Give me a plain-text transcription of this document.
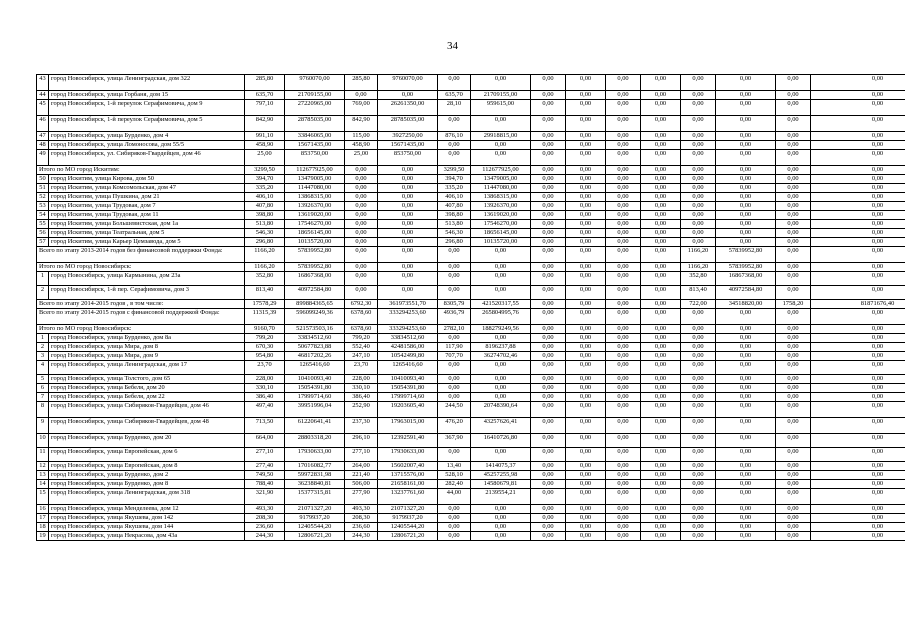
34
43	город Новосибирск, улица Ленинградская, дом 322	285,80	9760070,00	285,80	9760070,00	0,00	0,00	0,00	0,00	0,00	0,00	0,00	0,00	0,00	0,00
44	город Новосибирск, улица Горбаня, дом 15	635,70	21709155,00	0,00	0,00	635,70	21709155,00	0,00	0,00	0,00	0,00	0,00	0,00	0,00	0,00
45	город Новосибирск, 1-й переулок Серафимовича, дом 9	797,10	27220965,00	769,00	26261350,00	28,10	959615,00	0,00	0,00	0,00	0,00	0,00	0,00	0,00	0,00
46	город Новосибирск, 1-й переулок Серафимовича, дом 5	842,90	28785035,00	842,90	28785035,00	0,00	0,00	0,00	0,00	0,00	0,00	0,00	0,00	0,00	0,00
47	город Новосибирск, улица Бурденко, дом 4	991,10	33846065,00	115,00	3927250,00	876,10	29918815,00	0,00	0,00	0,00	0,00	0,00	0,00	0,00	0,00
48	город Новосибирск, улица Ломоносова, дом 55/5	458,90	15671435,00	458,90	15671435,00	0,00	0,00	0,00	0,00	0,00	0,00	0,00	0,00	0,00	0,00
49	город Новосибирск, ул. Сибиряков-Гвардейцев, дом 46	25,00	853750,00	25,00	853750,00	0,00	0,00	0,00	0,00	0,00	0,00	0,00	0,00	0,00	0,00
Итого по МО город Искитим:		3299,50	112677925,00	0,00	0,00	3299,50	112677925,00	0,00	0,00	0,00	0,00	0,00	0,00	0,00	0,00
50	город Искитим, улица Кирова, дом 50	394,70	13479005,00	0,00	0,00	394,70	13479005,00	0,00	0,00	0,00	0,00	0,00	0,00	0,00	0,00
51	город Искитим, улица Комсомольская, дом 47	335,20	11447080,00	0,00	0,00	335,20	11447080,00	0,00	0,00	0,00	0,00	0,00	0,00	0,00	0,00
52	город Искитим, улица Пушкина, дом 21	406,10	13868315,00	0,00	0,00	406,10	13868315,00	0,00	0,00	0,00	0,00	0,00	0,00	0,00	0,00
53	город Искитим, улица Трудовая, дом 7	407,80	13926370,00	0,00	0,00	407,80	13926370,00	0,00	0,00	0,00	0,00	0,00	0,00	0,00	0,00
54	город Искитим, улица Трудовая, дом 11	398,80	13619020,00	0,00	0,00	398,80	13619020,00	0,00	0,00	0,00	0,00	0,00	0,00	0,00	0,00
55	город Искитим, улица Большевистская, дом 1а	513,80	17546270,00	0,00	0,00	513,80	17546270,00	0,00	0,00	0,00	0,00	0,00	0,00	0,00	0,00
56	город Искитим, улица Театральная, дом 5	546,30	18656145,00	0,00	0,00	546,30	18656145,00	0,00	0,00	0,00	0,00	0,00	0,00	0,00	0,00
57	город Искитим, улица Карьер Цемзавода, дом 5	296,80	10135720,00	0,00	0,00	296,80	10135720,00	0,00	0,00	0,00	0,00	0,00	0,00	0,00	0,00
Всего по этапу 2013-2014 годов без финансовой поддержки Фонда:		1166,20	57839952,80	0,00	0,00	0,00	0,00	0,00	0,00	0,00	0,00	1166,20	57839952,80	0,00	0,00
Итого по МО город Новосибирск:		1166,20	57839952,80	0,00	0,00	0,00	0,00	0,00	0,00	0,00	0,00	1166,20	57839952,80	0,00	0,00
1	город Новосибирск, улица Кармынина, дом 23а	352,80	16867368,00	0,00	0,00	0,00	0,00	0,00	0,00	0,00	0,00	352,80	16867368,00	0,00	0,00
2	город Новосибирск, 1-й пер. Серафимовича, дом 3	813,40	40972584,80	0,00	0,00	0,00	0,00	0,00	0,00	0,00	0,00	813,40	40972584,80	0,00	0,00
Всего по этапу 2014-2015 годов , в том числе:		17578,29	899884365,65	6792,30	361973551,70	8305,79	421520317,55	0,00	0,00	0,00	0,00	722,00	34518820,00	1758,20	81871676,40
Всего по этапу 2014-2015 годов с финансовой поддержкой Фонда:		11315,39	596099249,36	6378,60	333294253,60	4936,79	265804995,76	0,00	0,00	0,00	0,00	0,00	0,00	0,00	0,00
Итого по МО город Новосибирск:		9160,70	521573503,16	6378,60	333294253,60	2782,10	188279249,56	0,00	0,00	0,00	0,00	0,00	0,00	0,00	0,00
1	город Новосибирск, улица Бурденко, дом 8а	799,20	33834512,60	799,20	33834512,60	0,00	0,00	0,00	0,00	0,00	0,00	0,00	0,00	0,00	0,00
2	город Новосибирск, улица Мира, дом 8	670,30	50677823,88	552,40	42481586,00	117,90	8196237,88	0,00	0,00	0,00	0,00	0,00	0,00	0,00	0,00
3	город Новосибирск, улица Мира, дом 9	954,80	46817202,26	247,10	10542499,80	707,70	36274702,46	0,00	0,00	0,00	0,00	0,00	0,00	0,00	0,00
4	город Новосибирск, улица Ленинградская, дом 17	23,70	1265416,60	23,70	1265416,60	0,00	0,00	0,00	0,00	0,00	0,00	0,00	0,00	0,00	0,00
5	город Новосибирск, улица Толстого, дом 65	228,00	10410093,40	228,00	10410093,40	0,00	0,00	0,00	0,00	0,00	0,00	0,00	0,00	0,00	0,00
6	город Новосибирск, улица Бебеля, дом 20	330,10	15054391,80	330,10	15054391,80	0,00	0,00	0,00	0,00	0,00	0,00	0,00	0,00	0,00	0,00
7	город Новосибирск, улица Бебеля, дом 22	386,40	17999714,60	386,40	17999714,60	0,00	0,00	0,00	0,00	0,00	0,00	0,00	0,00	0,00	0,00
8	город Новосибирск, улица Сибиряков-Гвардейцев, дом 46	497,40	39951996,04	252,90	19203605,40	244,50	20748390,64	0,00	0,00	0,00	0,00	0,00	0,00	0,00	0,00
9	город Новосибирск, улица Сибиряков-Гвардейцев, дом 48	713,50	61220641,41	237,30	17963015,00	476,20	43257626,41	0,00	0,00	0,00	0,00	0,00	0,00	0,00	0,00
10	город Новосибирск, улица Бурденко, дом 20	664,00	28803318,20	296,10	12392591,40	367,90	16410726,80	0,00	0,00	0,00	0,00	0,00	0,00	0,00	0,00
11	город Новосибирск, улица Европейская, дом 6	277,10	17930633,00	277,10	17930633,00	0,00	0,00	0,00	0,00	0,00	0,00	0,00	0,00	0,00	0,00
12	город Новосибирск, улица Европейская, дом 8	277,40	17016082,77	264,00	15602007,40	13,40	1414075,37	0,00	0,00	0,00	0,00	0,00	0,00	0,00	0,00
13	город Новосибирск, улица Бурденко, дом 2	749,50	59972831,98	221,40	13715576,00	528,10	45257255,98	0,00	0,00	0,00	0,00	0,00	0,00	0,00	0,00
14	город Новосибирск, улица Бурденко, дом 8	788,40	36238840,81	506,00	21658161,00	282,40	14580679,81	0,00	0,00	0,00	0,00	0,00	0,00	0,00	0,00
15	город Новосибирск, улица Ленинградская, дом 318	321,90	15377315,81	277,90	13237761,60	44,00	2139554,21	0,00	0,00	0,00	0,00	0,00	0,00	0,00	0,00
16	город Новосибирск, улица Менделеева, дом 12	493,30	21071327,20	493,30	21071327,20	0,00	0,00	0,00	0,00	0,00	0,00	0,00	0,00	0,00	0,00
17	город Новосибирск, улица Якушева, дом 142	208,30	9179937,20	208,30	9179937,20	0,00	0,00	0,00	0,00	0,00	0,00	0,00	0,00	0,00	0,00
18	город Новосибирск, улица Якушева, дом 144	236,60	12405544,20	236,60	12405544,20	0,00	0,00	0,00	0,00	0,00	0,00	0,00	0,00	0,00	0,00
19	город Новосибирск, улица Некрасова, дом 43а	244,30	12806721,20	244,30	12806721,20	0,00	0,00	0,00	0,00	0,00	0,00	0,00	0,00	0,00	0,00
